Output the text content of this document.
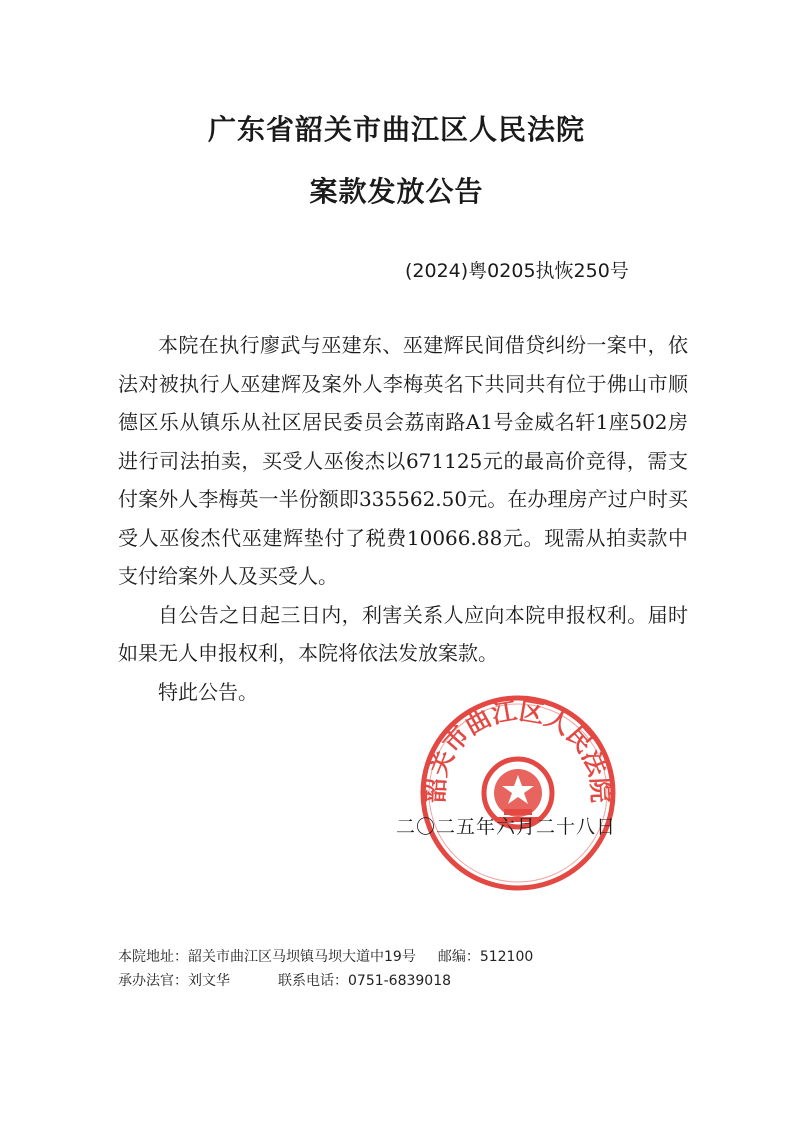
广东省韶关市曲江区人民法院
案款发放公告
(2024)粤0205执恢250号

本院在执行廖武与巫建东、巫建辉民间借贷纠纷一案中，依法对被执行人巫建辉及案外人李梅英名下共同共有位于佛山市顺德区乐从镇乐从社区居民委员会荔南路A1号金威名轩1座502房进行司法拍卖，买受人巫俊杰以671125元的最高价竞得，需支付案外人李梅英一半份额即335562.50元。在办理房产过户时买受人巫俊杰代巫建辉垫付了税费10066.88元。现需从拍卖款中支付给案外人及买受人。

自公告之日起三日内，利害关系人应向本院申报权利。届时如果无人申报权利，本院将依法发放案款。

特此公告。

韶关市曲江区人民法院
二〇二五年六月二十八日
本院地址：韶关市曲江区马坝镇马坝大道中19号 邮编：512100
承办法官：刘文华	联系电话：0751-6839018
